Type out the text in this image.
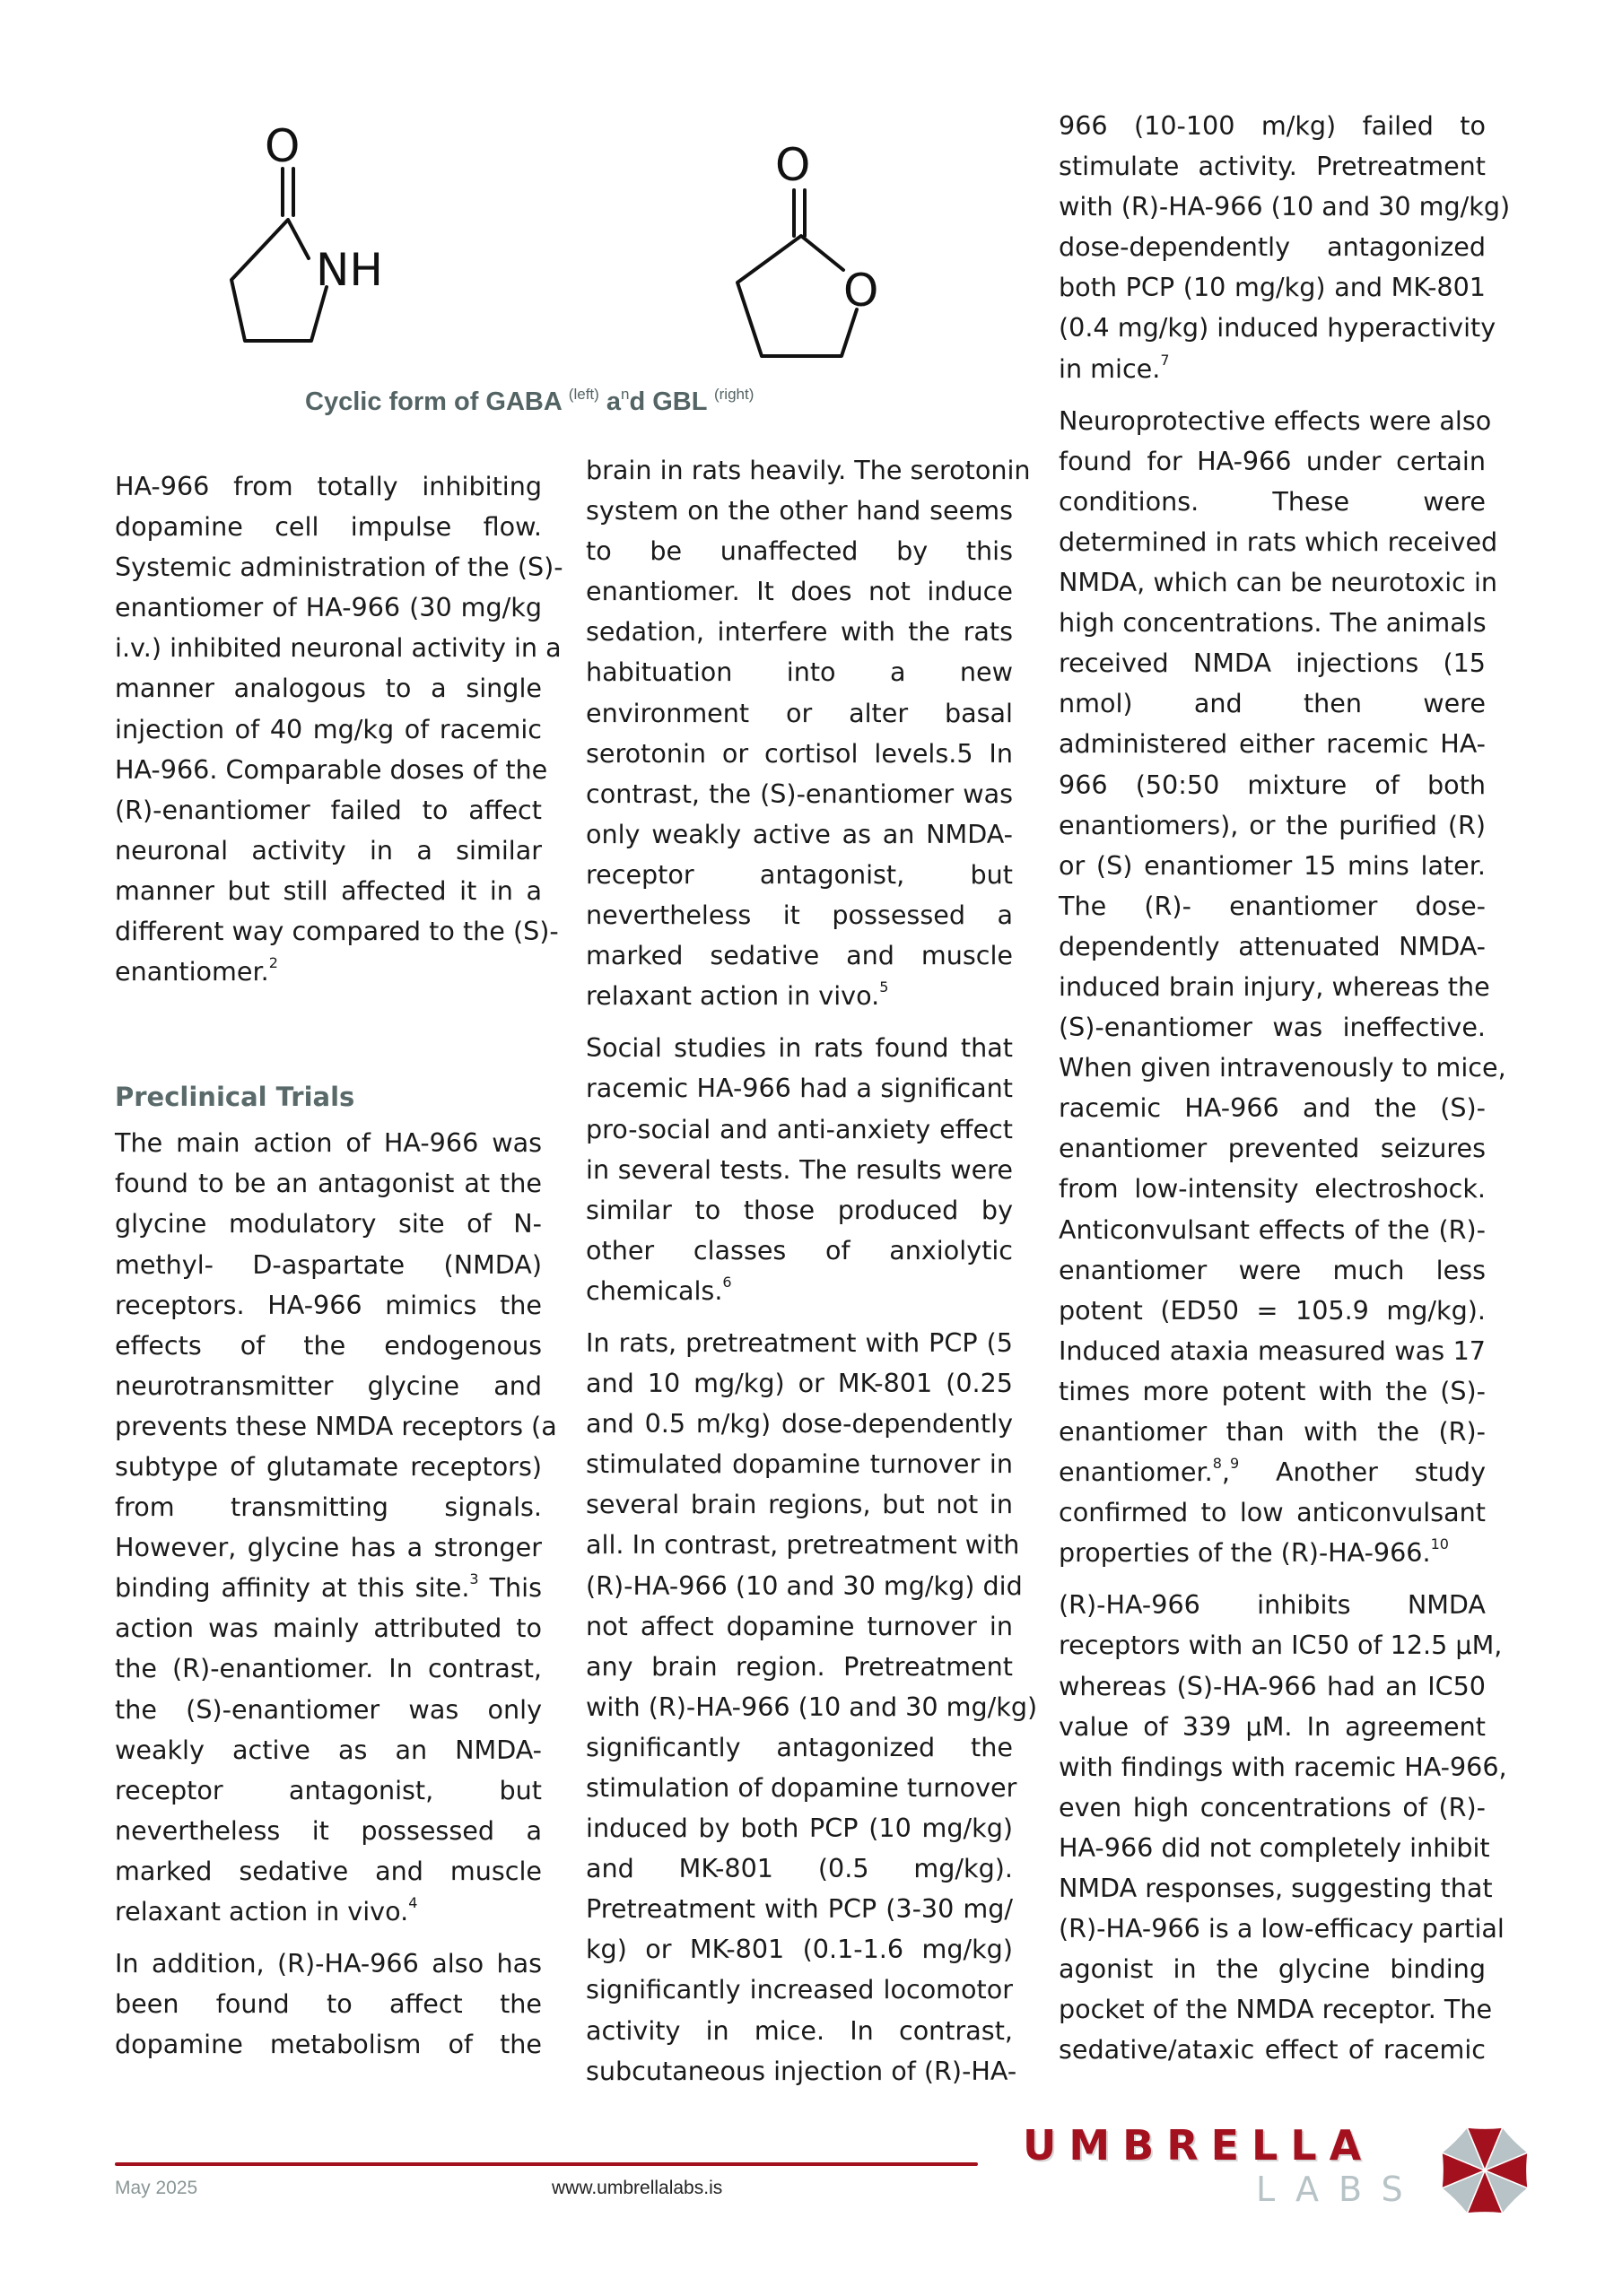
O
NH
O
O
Cyclic form of GABA $^{(left)}$ $a^nd$ GBL $^{(right)}$
HA-966 from totally inhibiting
dopamine cell impulse flow.
Systemic administration of the (S)-
enantiomer of HA-966 (30 mg/kg
i.v.) inhibited neuronal activity in a
manner analogous to a single
injection of 40 mg/kg of racemic
HA-966. Comparable doses of the
(R)-enantiomer failed to affect
neuronal activity in a similar
manner but still affected it in a
different way compared to the (S)-
enantiomer.$^2$
Preclinical Trials
The main action of HA-966 was
found to be an antagonist at the
glycine modulatory site of N-
methyl- D-aspartate (NMDA)
receptors. HA-966 mimics the
effects of the endogenous
neurotransmitter glycine and
prevents these NMDA receptors (a
subtype of glutamate receptors)
from transmitting signals.
However, glycine has a stronger
binding affinity at this site.$^3$ This
action was mainly attributed to
the (R)-enantiomer. In contrast,
the (S)-enantiomer was only
weakly active as an NMDA-
receptor antagonist, but
nevertheless it possessed a
marked sedative and muscle
relaxant action in vivo.$^4$
In addition, (R)-HA-966 also has
been found to affect the
dopamine metabolism of the
brain in rats heavily. The serotonin
system on the other hand seems
to be unaffected by this
enantiomer. It does not induce
sedation, interfere with the rats
habituation into a new
environment or alter basal
serotonin or cortisol levels.5 In
contrast, the (S)-enantiomer was
only weakly active as an NMDA-
receptor antagonist, but
nevertheless it possessed a
marked sedative and muscle
relaxant action in vivo.$^5$
Social studies in rats found that
racemic HA-966 had a significant
pro-social and anti-anxiety effect
in several tests. The results were
similar to those produced by
other classes of anxiolytic
chemicals.$^6$
In rats, pretreatment with PCP (5
and 10 mg/kg) or MK-801 (0.25
and 0.5 m/kg) dose-dependently
stimulated dopamine turnover in
several brain regions, but not in
all. In contrast, pretreatment with
(R)-HA-966 (10 and 30 mg/kg) did
not affect dopamine turnover in
any brain region. Pretreatment
with (R)-HA-966 (10 and 30 mg/kg)
significantly antagonized the
stimulation of dopamine turnover
induced by both PCP (10 mg/kg)
and MK-801 (0.5 mg/kg).
Pretreatment with PCP (3-30 mg/
kg) or MK-801 (0.1-1.6 mg/kg)
significantly increased locomotor
activity in mice. In contrast,
subcutaneous injection of (R)-HA-
966 (10-100 m/kg) failed to
stimulate activity. Pretreatment
with (R)-HA-966 (10 and 30 mg/kg)
dose-dependently antagonized
both PCP (10 mg/kg) and MK-801
(0.4 mg/kg) induced hyperactivity
in mice.$^7$
Neuroprotective effects were also
found for HA-966 under certain
conditions. These were
determined in rats which received
NMDA, which can be neurotoxic in
high concentrations. The animals
received NMDA injections (15
nmol) and then were
administered either racemic HA-
966 (50:50 mixture of both
enantiomers), or the purified (R)
or (S) enantiomer 15 mins later.
The (R)- enantiomer dose-
dependently attenuated NMDA-
induced brain injury, whereas the
(S)-enantiomer was ineffective.
When given intravenously to mice,
racemic HA-966 and the (S)-
enantiomer prevented seizures
from low-intensity electroshock.
Anticonvulsant effects of the (R)-
enantiomer were much less
potent (ED50 = 105.9 mg/kg).
Induced ataxia measured was 17
times more potent with the (S)-
enantiomer than with the (R)-
enantiomer.$^8$,$^9$ Another study
confirmed to low anticonvulsant
properties of the (R)-HA-966.10
(R)-HA-966 inhibits NMDA
receptors with an IC50 of 12.5 μM,
whereas (S)-HA-966 had an IC50
value of 339 μM. In agreement
with findings with racemic HA-966,
even high concentrations of (R)-
HA-966 did not completely inhibit
NMDA responses, suggesting that
(R)-HA-966 is a low-efficacy partial
agonist in the glycine binding
pocket of the NMDA receptor. The
sedative/ataxic effect of racemic
May 2025	www.umbrellalabs.is
UMBRELLA
LABS
